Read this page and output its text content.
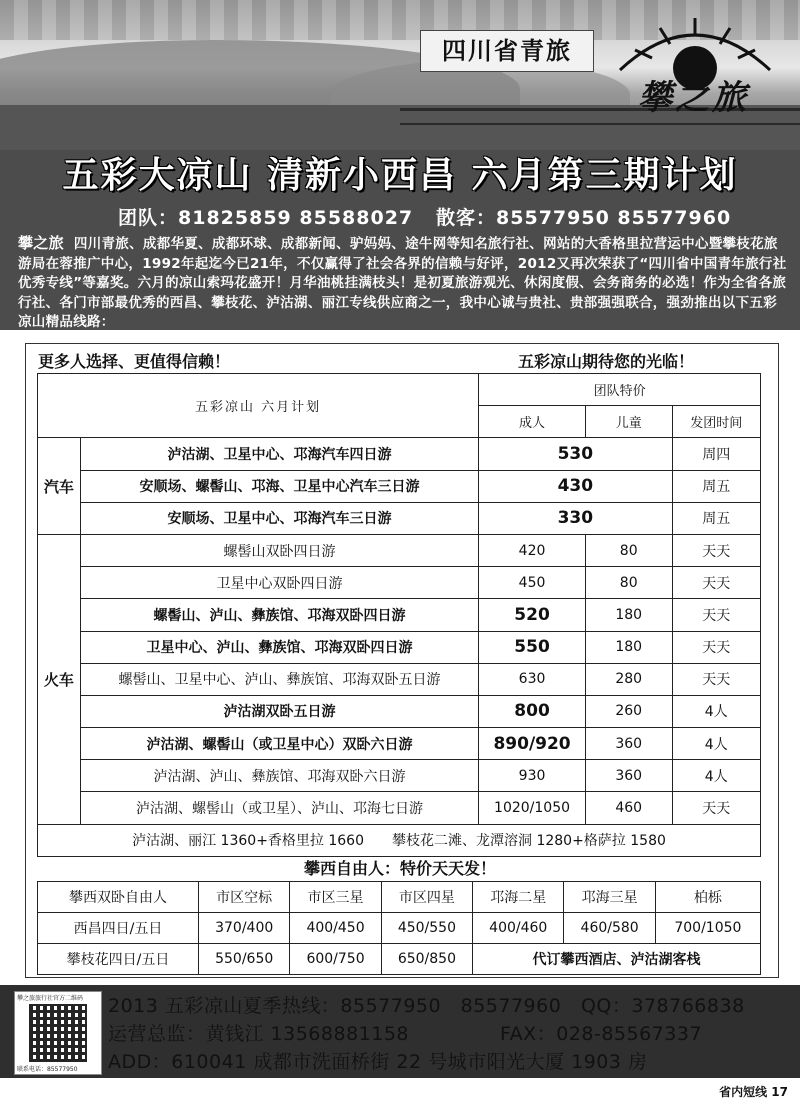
四川省青旅
攀之旅
五彩大凉山 清新小西昌 六月第三期计划
团队：81825859 85588027 散客：85577950 85577960
攀之旅 四川青旅、成都华夏、成都环球、成都新闻、驴妈妈、途牛网等知名旅行社、网站的大香格里拉营运中心暨攀枝花旅游局在蓉推广中心，1992年起迄今已21年，不仅赢得了社会各界的信赖与好评，2012又再次荣获了“四川省中国青年旅行社优秀专线”等嘉奖。六月的凉山索玛花盛开！月华油桃挂满枝头！是初夏旅游观光、休闲度假、会务商务的必选！作为全省各旅行社、各门市部最优秀的西昌、攀枝花、泸沽湖、丽江专线供应商之一，我中心诚与贵社、贵部强强联合，强劲推出以下五彩凉山精品线路：
更多人选择、更值得信赖！	五彩凉山期待您的光临！
五彩凉山 六月计划		团队特价		
		成人	儿童	发团时间
汽车	泸沽湖、卫星中心、邛海汽车四日游	530		周四
	安顺场、螺髻山、邛海、卫星中心汽车三日游	430		周五
	安顺场、卫星中心、邛海汽车三日游	330		周五
火车	螺髻山双卧四日游	420	80	天天
	卫星中心双卧四日游	450	80	天天
	螺髻山、泸山、彝族馆、邛海双卧四日游	520	180	天天
	卫星中心、泸山、彝族馆、邛海双卧四日游	550	180	天天
	螺髻山、卫星中心、泸山、彝族馆、邛海双卧五日游	630	280	天天
	泸沽湖双卧五日游	800	260	4人
	泸沽湖、螺髻山（或卫星中心）双卧六日游	890/920	360	4人
	泸沽湖、泸山、彝族馆、邛海双卧六日游	930	360	4人
	泸沽湖、螺髻山（或卫星）、泸山、邛海七日游	1020/1050	460	天天
泸沽湖、丽江 1360+香格里拉 1660　　攀枝花二滩、龙潭溶洞 1280+格萨拉 1580				
攀西自由人：特价天天发！
攀西双卧自由人	市区空标	市区三星	市区四星	邛海二星	邛海三星	柏栎
西昌四日/五日	370/400	400/450	450/550	400/460	460/580	700/1050
攀枝花四日/五日	550/650	600/750	650/850	代订攀西酒店、泸沽湖客栈		
攀之旅旅行社官方二维码
联系电话：85577950
2013 五彩凉山夏季热线：85577950　85577960 QQ：378766838
运营总监：黄钱江 13568881158	FAX：028-85567337
ADD：610041 成都市洗面桥街 22 号城市阳光大厦 1903 房
省内短线 17
